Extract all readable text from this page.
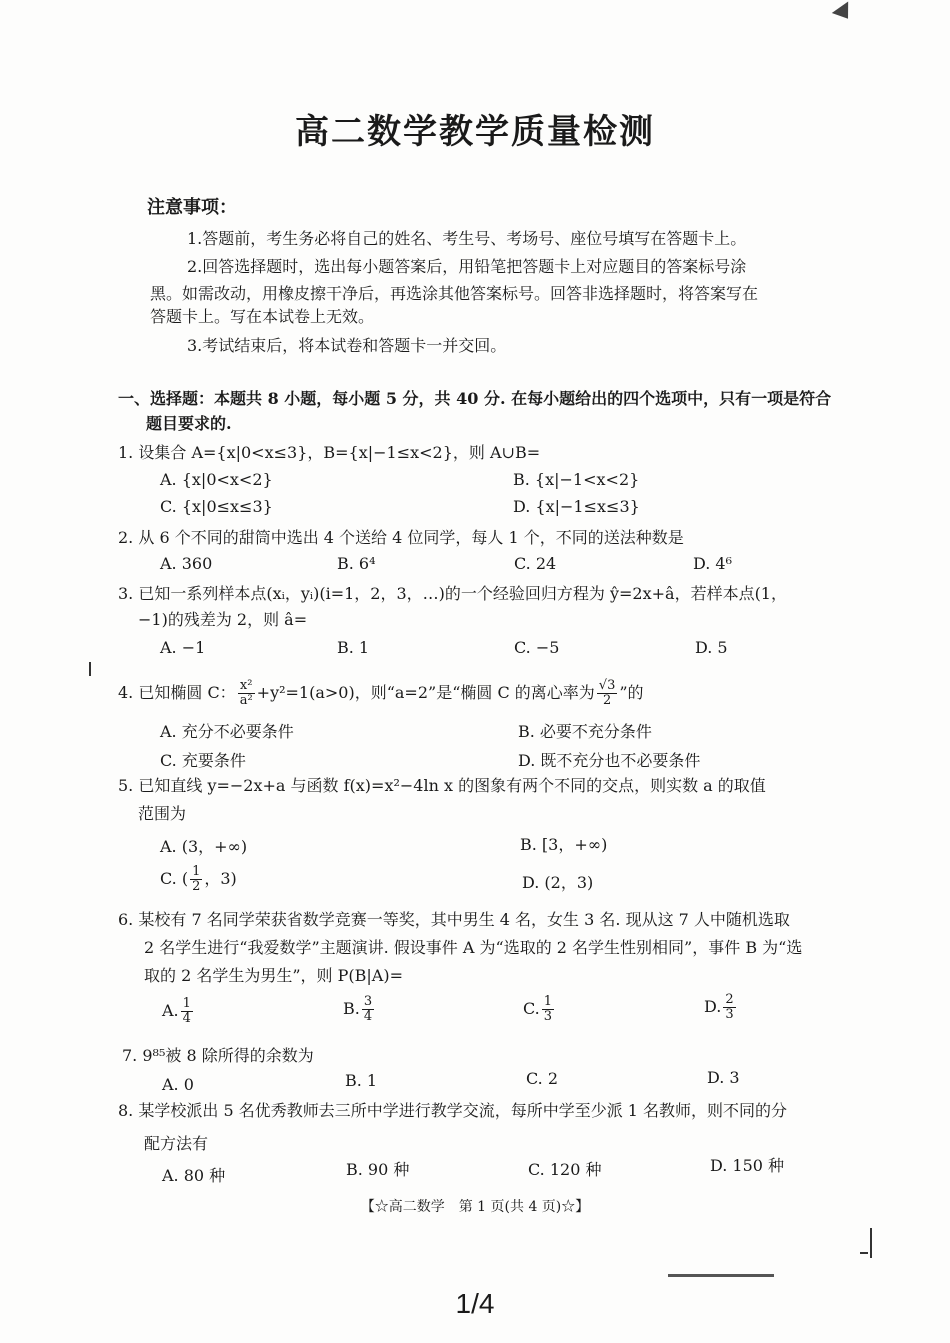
高二数学教学质量检测
注意事项：
1.答题前，考生务必将自己的姓名、考生号、考场号、座位号填写在答题卡上。
2.回答选择题时，选出每小题答案后，用铅笔把答题卡上对应题目的答案标号涂
黑。如需改动，用橡皮擦干净后，再选涂其他答案标号。回答非选择题时，将答案写在
答题卡上。写在本试卷上无效。
3.考试结束后，将本试卷和答题卡一并交回。
一、选择题：本题共 8 小题，每小题 5 分，共 40 分. 在每小题给出的四个选项中，只有一项是符合
题目要求的.
1. 设集合 A={x|0<x≤3}，B={x|−1≤x<2}，则 A∪B=
A. {x|0<x<2}	B. {x|−1<x<2}
C. {x|0≤x≤3}	D. {x|−1≤x≤3}
2. 从 6 个不同的甜筒中选出 4 个送给 4 位同学，每人 1 个，不同的送法种数是
A. 360	B. 6⁴	C. 24	D. 4⁶
3. 已知一系列样本点(xᵢ，yᵢ)(i=1，2，3，…)的一个经验回归方程为 ŷ=2x+â，若样本点(1，
−1)的残差为 2，则 â=
A. −1	B. 1	C. −5	D. 5
4. 已知椭圆 C： $\frac{\text{x²}}{\text{a²}} +y^2=1(a>0)$，则“a=2”是“椭圆 C 的离心率为 $\frac{√3}{2}$ ”的
A. 充分不必要条件	B. 必要不充分条件
C. 充要条件	D. 既不充分也不必要条件
5. 已知直线 y=−2x+a 与函数 f(x)=x²−4ln x 的图象有两个不同的交点，则实数 a 的取值
范围为
A. (3，+∞)	B. [3，+∞)
C. ( $\frac{1}{2}$ ，3)	D. (2，3)
6. 某校有 7 名同学荣获省数学竞赛一等奖，其中男生 4 名，女生 3 名. 现从这 7 人中随机选取
2 名学生进行“我爱数学”主题演讲. 假设事件 A 为“选取的 2 名学生性别相同”，事件 B 为“选
取的 2 名学生为男生”，则 P(B|A)=
A. $\frac{1}{4}$	B. $\frac{3}{4}$	C. $\frac{1}{3}$	D. $\frac{2}{3}$
7. 9⁸⁵被 8 除所得的余数为
A. 0	B. 1	C. 2	D. 3
8. 某学校派出 5 名优秀教师去三所中学进行教学交流，每所中学至少派 1 名教师，则不同的分
配方法有
A. 80 种	B. 90 种	C. 120 种	D. 150 种
【☆高二数学　第 1 页(共 4 页)☆】
1/4
